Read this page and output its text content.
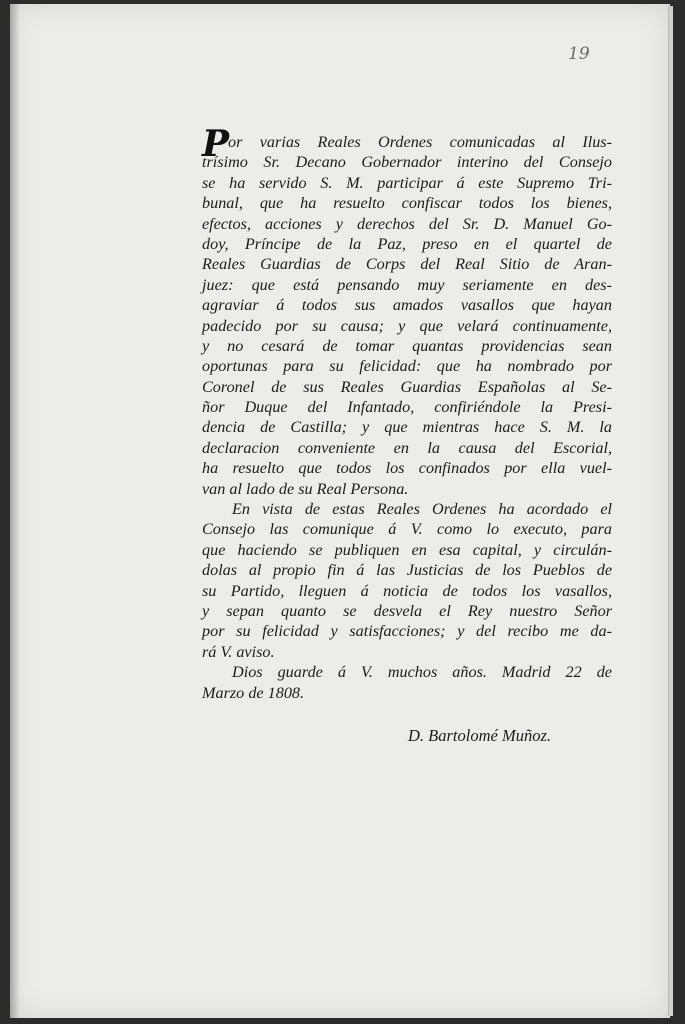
19
P
or varias Reales Ordenes comunicadas al Ilus-
trísimo Sr. Decano Gobernador interino del Consejo
se ha servido S. M. participar á este Supremo Tri-
bunal, que ha resuelto confiscar todos los bienes,
efectos, acciones y derechos del Sr. D. Manuel Go-
doy, Príncipe de la Paz, preso en el quartel de
Reales Guardias de Corps del Real Sitio de Aran-
juez: que está pensando muy seriamente en des-
agraviar á todos sus amados vasallos que hayan
padecido por su causa; y que velará continuamente,
y no cesará de tomar quantas providencias sean
oportunas para su felicidad: que ha nombrado por
Coronel de sus Reales Guardias Españolas al Se-
ñor Duque del Infantado, confiriéndole la Presi-
dencia de Castilla; y que mientras hace S. M. la
declaracion conveniente en la causa del Escorial,
ha resuelto que todos los confinados por ella vuel-
van al lado de su Real Persona.
En vista de estas Reales Ordenes ha acordado el
Consejo las comunique á V. como lo executo, para
que haciendo se publiquen en esa capital, y circulán-
dolas al propio fin á las Justicias de los Pueblos de
su Partido, lleguen á noticia de todos los vasallos,
y sepan quanto se desvela el Rey nuestro Señor
por su felicidad y satisfacciones; y del recibo me da-
rá V. aviso.
Dios guarde á V. muchos años. Madrid 22 de
Marzo de 1808.
D. Bartolomé Muñoz.
